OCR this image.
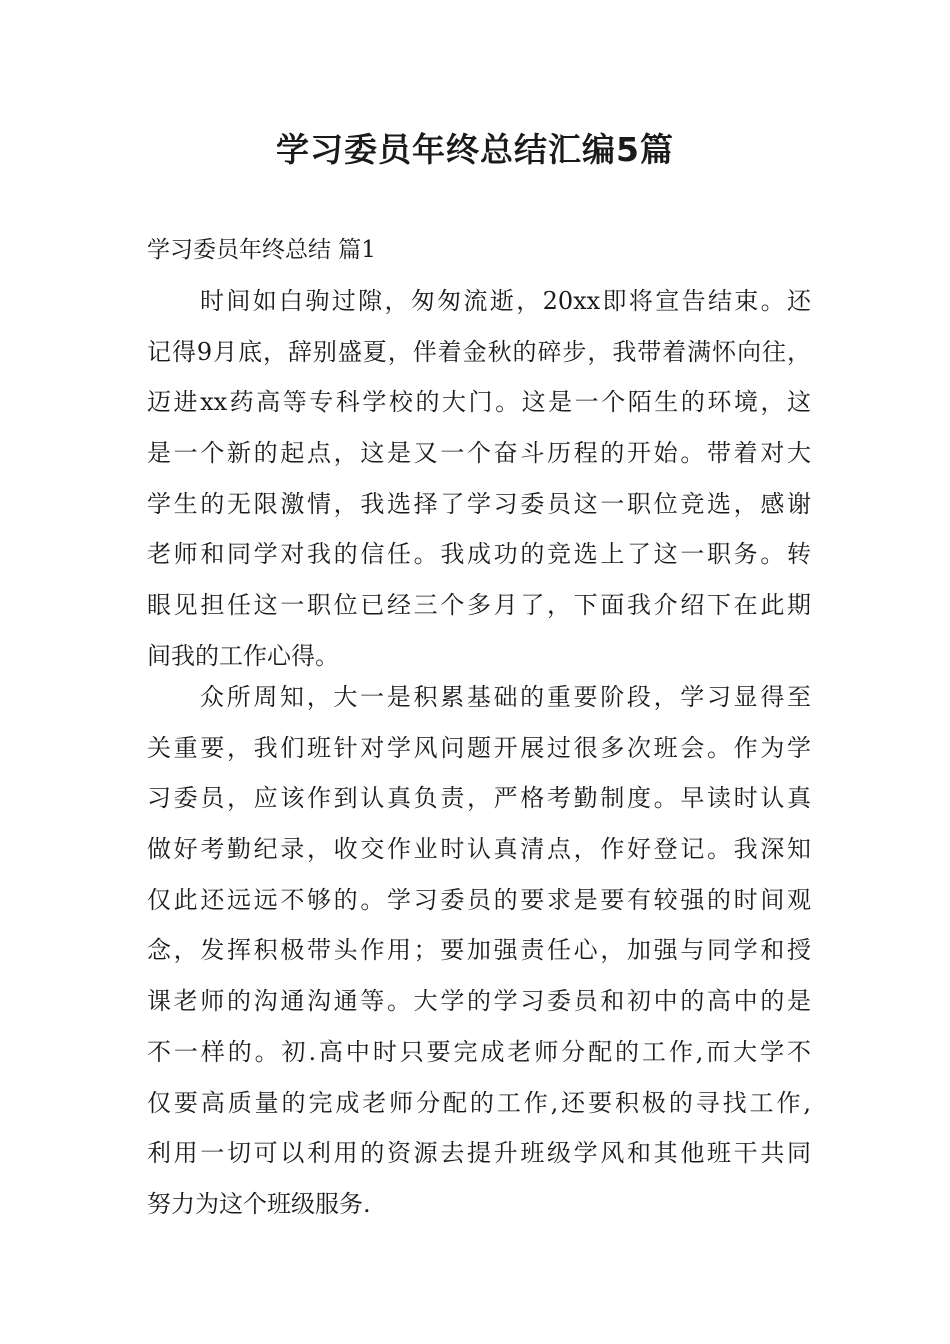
学习委员年终总结汇编5篇
学习委员年终总结 篇1
时间如白驹过隙，匆匆流逝，20xx即将宣告结束。还
记得9月底，辞别盛夏，伴着金秋的碎步，我带着满怀向往，
迈进xx药高等专科学校的大门。这是一个陌生的环境，这
是一个新的起点，这是又一个奋斗历程的开始。带着对大
学生的无限激情，我选择了学习委员这一职位竞选，感谢
老师和同学对我的信任。我成功的竞选上了这一职务。转
眼见担任这一职位已经三个多月了，下面我介绍下在此期
间我的工作心得。
众所周知，大一是积累基础的重要阶段，学习显得至
关重要，我们班针对学风问题开展过很多次班会。作为学
习委员，应该作到认真负责，严格考勤制度。早读时认真
做好考勤纪录，收交作业时认真清点，作好登记。我深知
仅此还远远不够的。学习委员的要求是要有较强的时间观
念，发挥积极带头作用；要加强责任心，加强与同学和授
课老师的沟通沟通等。大学的学习委员和初中的高中的是
不一样的。初.高中时只要完成老师分配的工作,而大学不
仅要高质量的完成老师分配的工作,还要积极的寻找工作,
利用一切可以利用的资源去提升班级学风和其他班干共同
努力为这个班级服务.
